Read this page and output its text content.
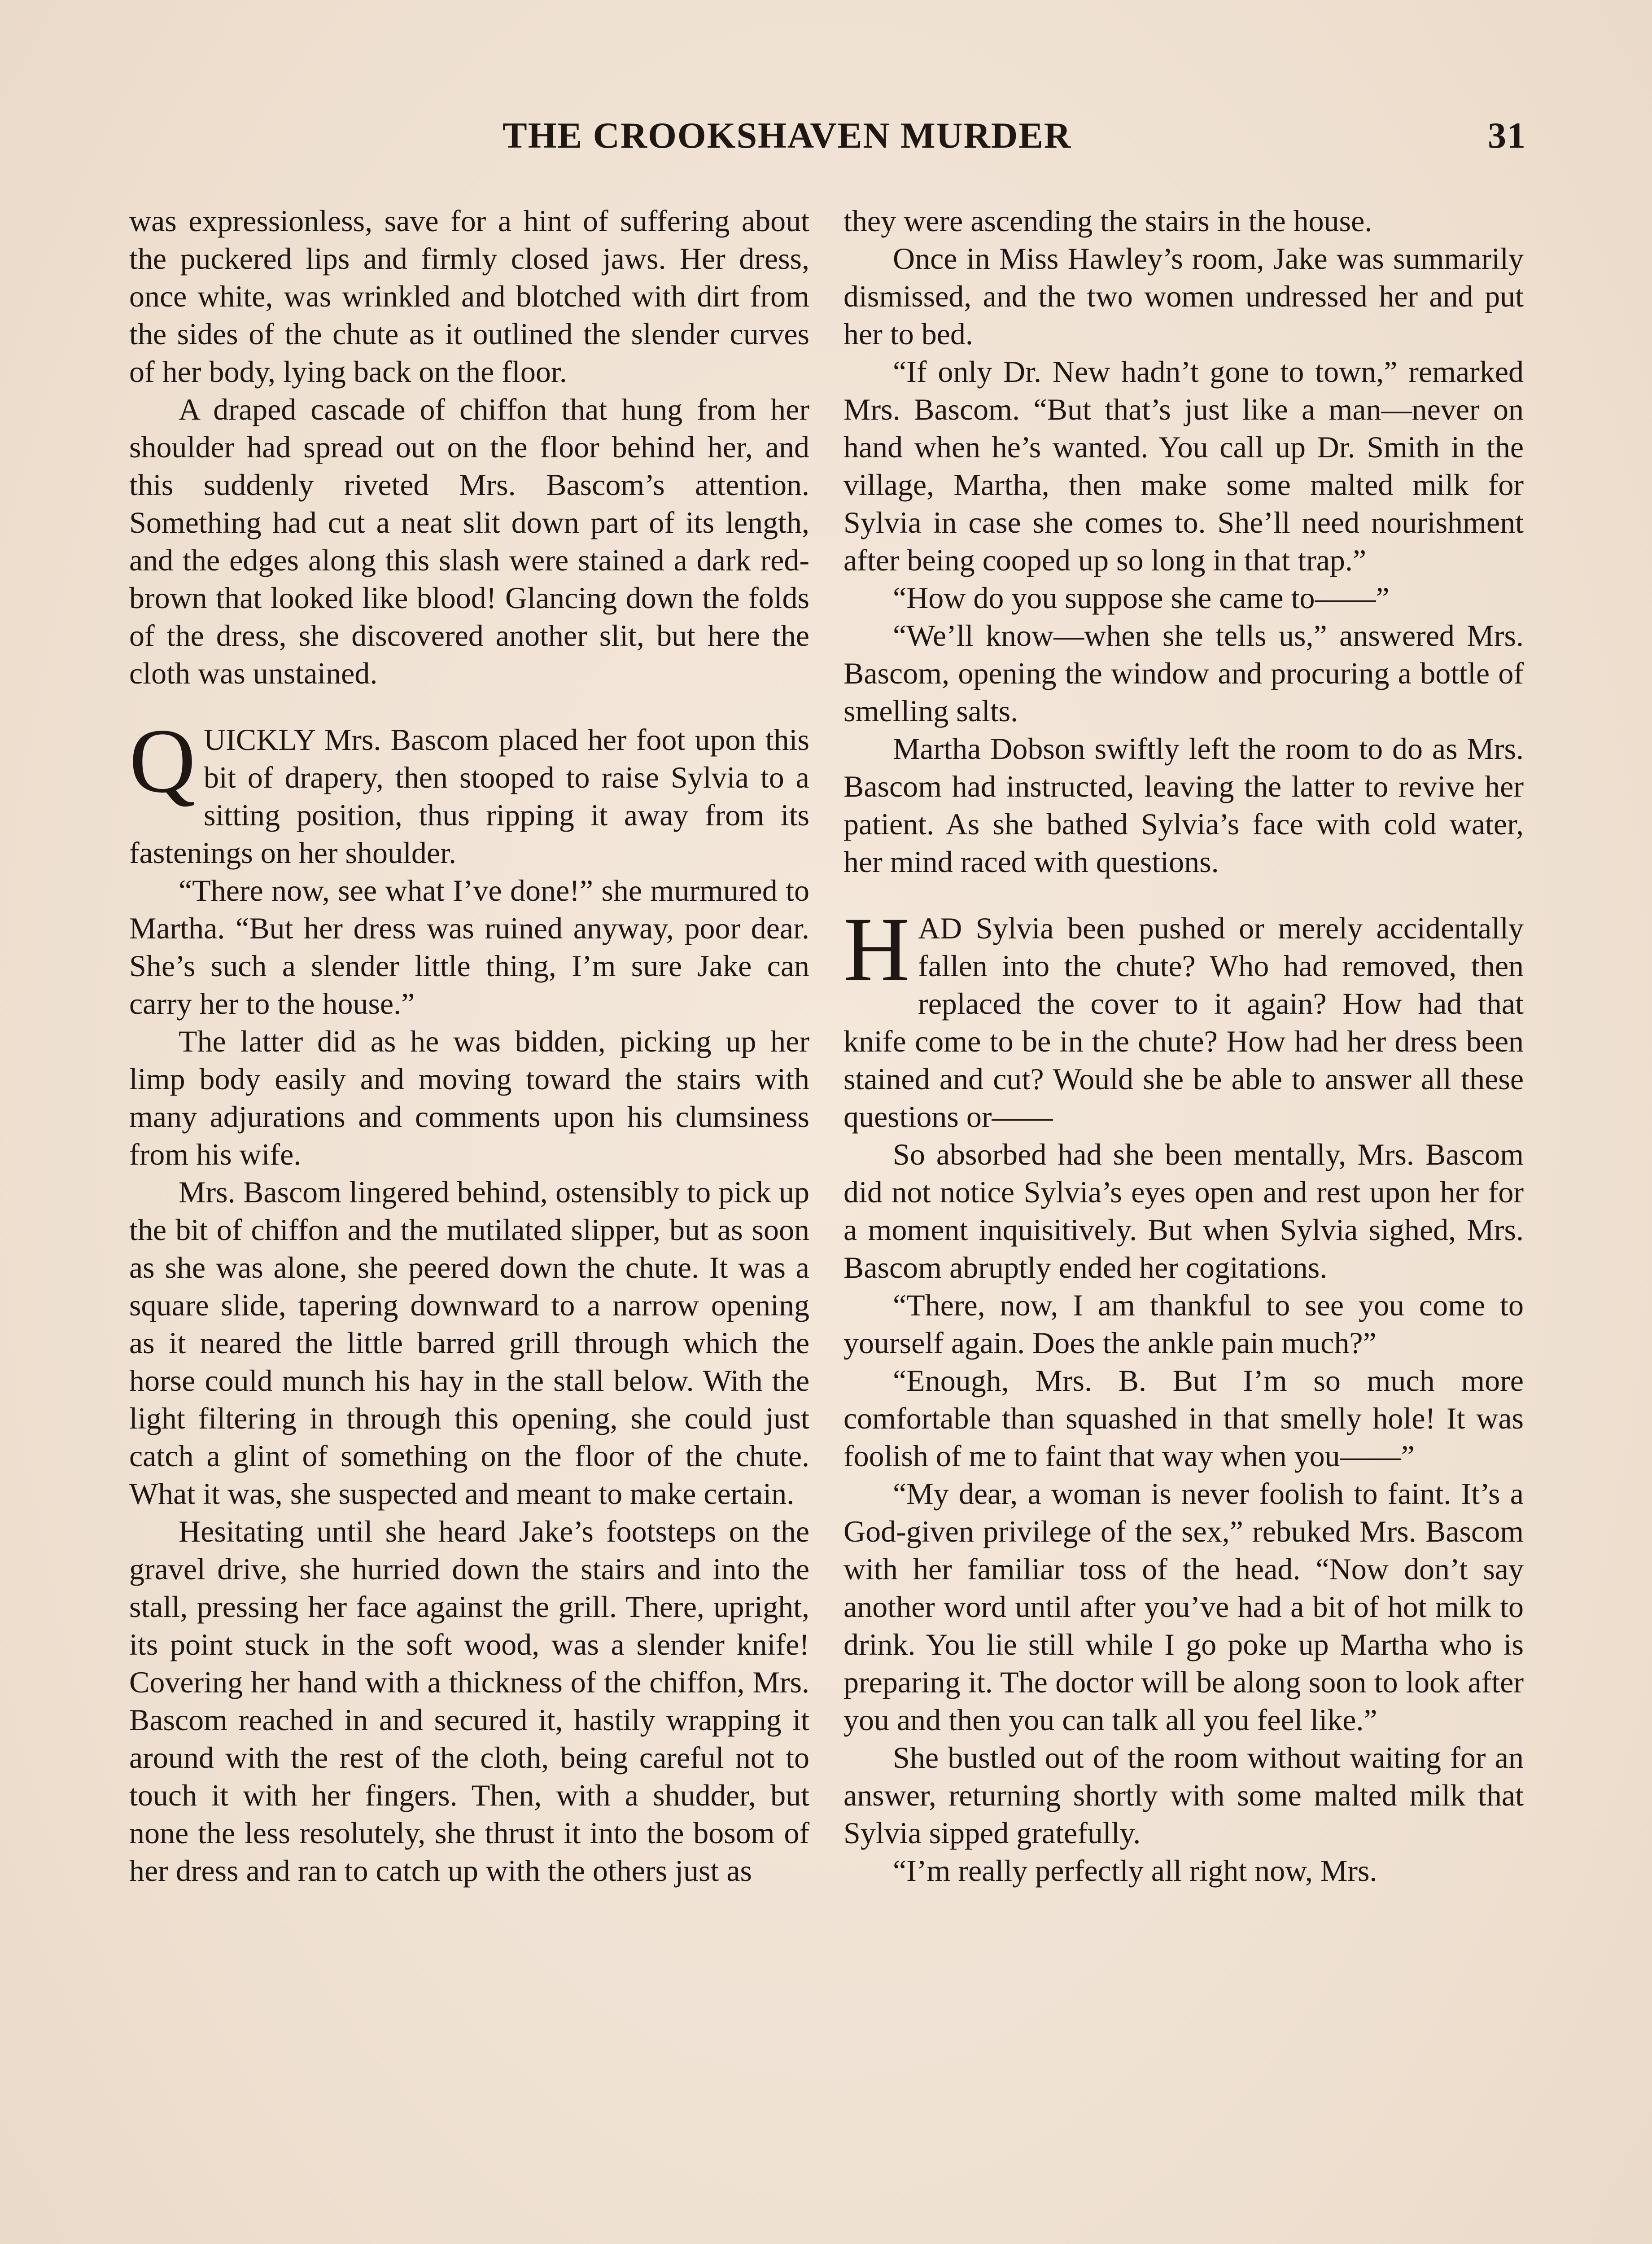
THE CROOKSHAVEN MURDER	31

was expressionless, save for a hint of suffering about the puckered lips and firmly closed jaws. Her dress, once white, was wrinkled and blotched with dirt from the sides of the chute as it outlined the slender curves of her body, lying back on the floor.

A draped cascade of chiffon that hung from her shoulder had spread out on the floor behind her, and this suddenly riveted Mrs. Bascom’s attention. Something had cut a neat slit down part of its length, and the edges along this slash were stained a dark red-brown that looked like blood! Glancing down the folds of the dress, she discovered another slit, but here the cloth was unstained.

QUICKLY Mrs. Bascom placed her foot upon this bit of drapery, then stooped to raise Sylvia to a sitting position, thus ripping it away from its fastenings on her shoulder.

“There now, see what I’ve done!” she murmured to Martha. “But her dress was ruined anyway, poor dear. She’s such a slender little thing, I’m sure Jake can carry her to the house.”

The latter did as he was bidden, picking up her limp body easily and moving toward the stairs with many adjurations and comments upon his clumsiness from his wife.

Mrs. Bascom lingered behind, ostensibly to pick up the bit of chiffon and the mutilated slipper, but as soon as she was alone, she peered down the chute. It was a square slide, tapering downward to a narrow opening as it neared the little barred grill through which the horse could munch his hay in the stall below. With the light filtering in through this opening, she could just catch a glint of something on the floor of the chute. What it was, she suspected and meant to make certain.

Hesitating until she heard Jake’s footsteps on the gravel drive, she hurried down the stairs and into the stall, pressing her face against the grill. There, upright, its point stuck in the soft wood, was a slender knife! Covering her hand with a thickness of the chiffon, Mrs. Bascom reached in and secured it, hastily wrapping it around with the rest of the cloth, being careful not to touch it with her fingers. Then, with a shudder, but none the less resolutely, she thrust it into the bosom of her dress and ran to catch up with the others just as

they were ascending the stairs in the house.

Once in Miss Hawley’s room, Jake was summarily dismissed, and the two women undressed her and put her to bed.

“If only Dr. New hadn’t gone to town,” remarked Mrs. Bascom. “But that’s just like a man—never on hand when he’s wanted. You call up Dr. Smith in the village, Martha, then make some malted milk for Sylvia in case she comes to. She’ll need nourishment after being cooped up so long in that trap.”

“How do you suppose she came to——”

“We’ll know—when she tells us,” answered Mrs. Bascom, opening the window and procuring a bottle of smelling salts.

Martha Dobson swiftly left the room to do as Mrs. Bascom had instructed, leaving the latter to revive her patient. As she bathed Sylvia’s face with cold water, her mind raced with questions.

HAD Sylvia been pushed or merely accidentally fallen into the chute? Who had removed, then replaced the cover to it again? How had that knife come to be in the chute? How had her dress been stained and cut? Would she be able to answer all these questions or——

So absorbed had she been mentally, Mrs. Bascom did not notice Sylvia’s eyes open and rest upon her for a moment inquisitively. But when Sylvia sighed, Mrs. Bascom abruptly ended her cogitations.

“There, now, I am thankful to see you come to yourself again. Does the ankle pain much?”

“Enough, Mrs. B. But I’m so much more comfortable than squashed in that smelly hole! It was foolish of me to faint that way when you——”

“My dear, a woman is never foolish to faint. It’s a God-given privilege of the sex,” rebuked Mrs. Bascom with her familiar toss of the head. “Now don’t say another word until after you’ve had a bit of hot milk to drink. You lie still while I go poke up Martha who is preparing it. The doctor will be along soon to look after you and then you can talk all you feel like.”

She bustled out of the room without waiting for an answer, returning shortly with some malted milk that Sylvia sipped gratefully.

“I’m really perfectly all right now, Mrs.
